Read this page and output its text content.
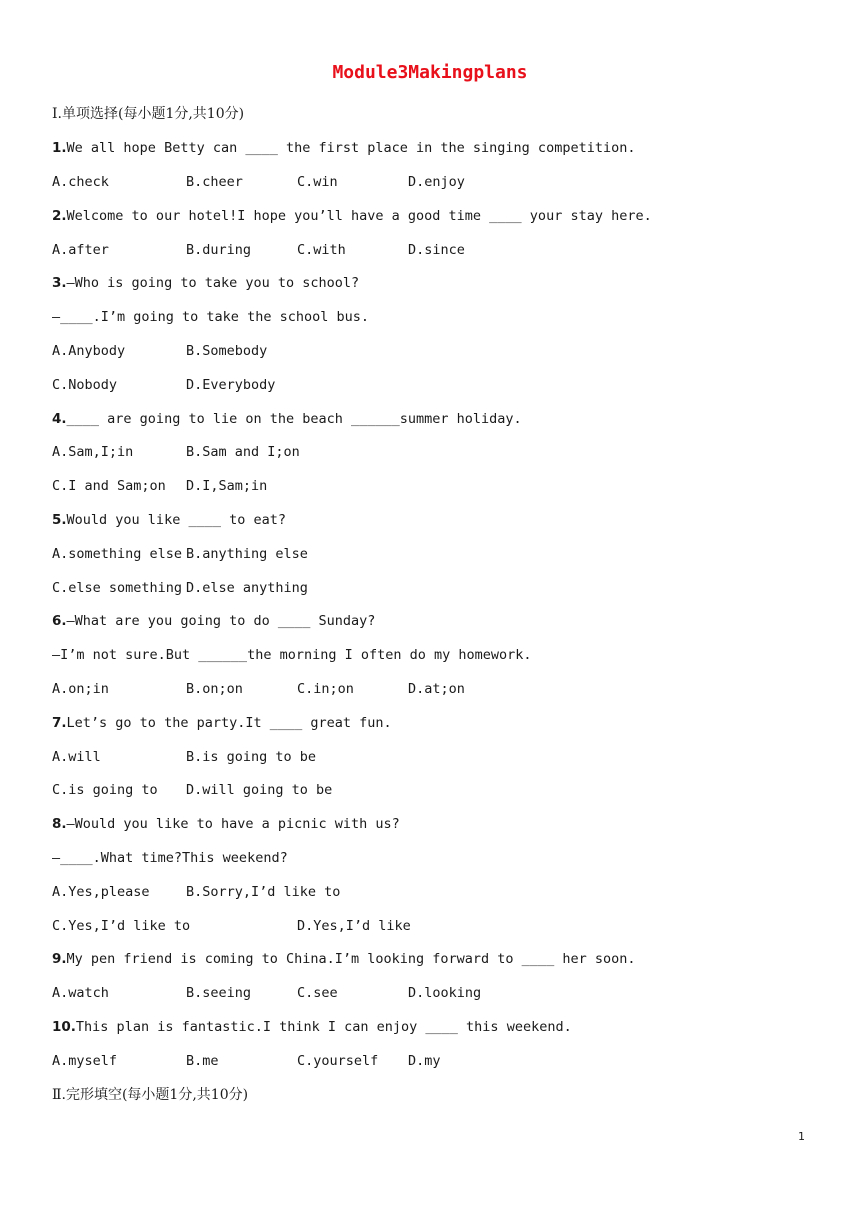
Module3Makingplans
Ⅰ.单项选择(每小题1分,共10分)
1.We all hope Betty can ____ the first place in the singing competition.

A.check

	B.cheer

	C.win

	D.enjoy

2.Welcome to our hotel!I hope you’ll have a good time ____ your stay here.

A.after

	B.during

	C.with

	D.since

3.—Who is going to take you to school?
—____.I’m going to take the school bus.

A.Anybody

	B.Somebody

C.Nobody

	D.Everybody

4.____ are going to lie on the beach ______summer holiday.

A.Sam,I;in

	B.Sam and I;on

C.I and Sam;on

D.I,Sam;in

5.Would you like ____ to eat?

A.something else

B.anything else

C.else something

D.else anything

6.—What are you going to do ____ Sunday?
—I’m not sure.But ______the morning I often do my homework.

A.on;in

	B.on;on

	C.in;on

	D.at;on

7.Let’s go to the party.It ____ great fun.

A.will

	B.is going to be

C.is going to

D.will going to be

8.—Would you like to have a picnic with us?
—____.What time?This weekend?

A.Yes,please

	B.Sorry,I’d like to

C.Yes,I’d like to

	D.Yes,I’d like

9.My pen friend is coming to China.I’m looking forward to ____ her soon.

A.watch

	B.seeing

	C.see

	D.looking

10.This plan is fantastic.I think I can enjoy ____ this weekend.

A.myself

	B.me

	C.yourself

D.my

Ⅱ.完形填空(每小题1分,共10分)
1
